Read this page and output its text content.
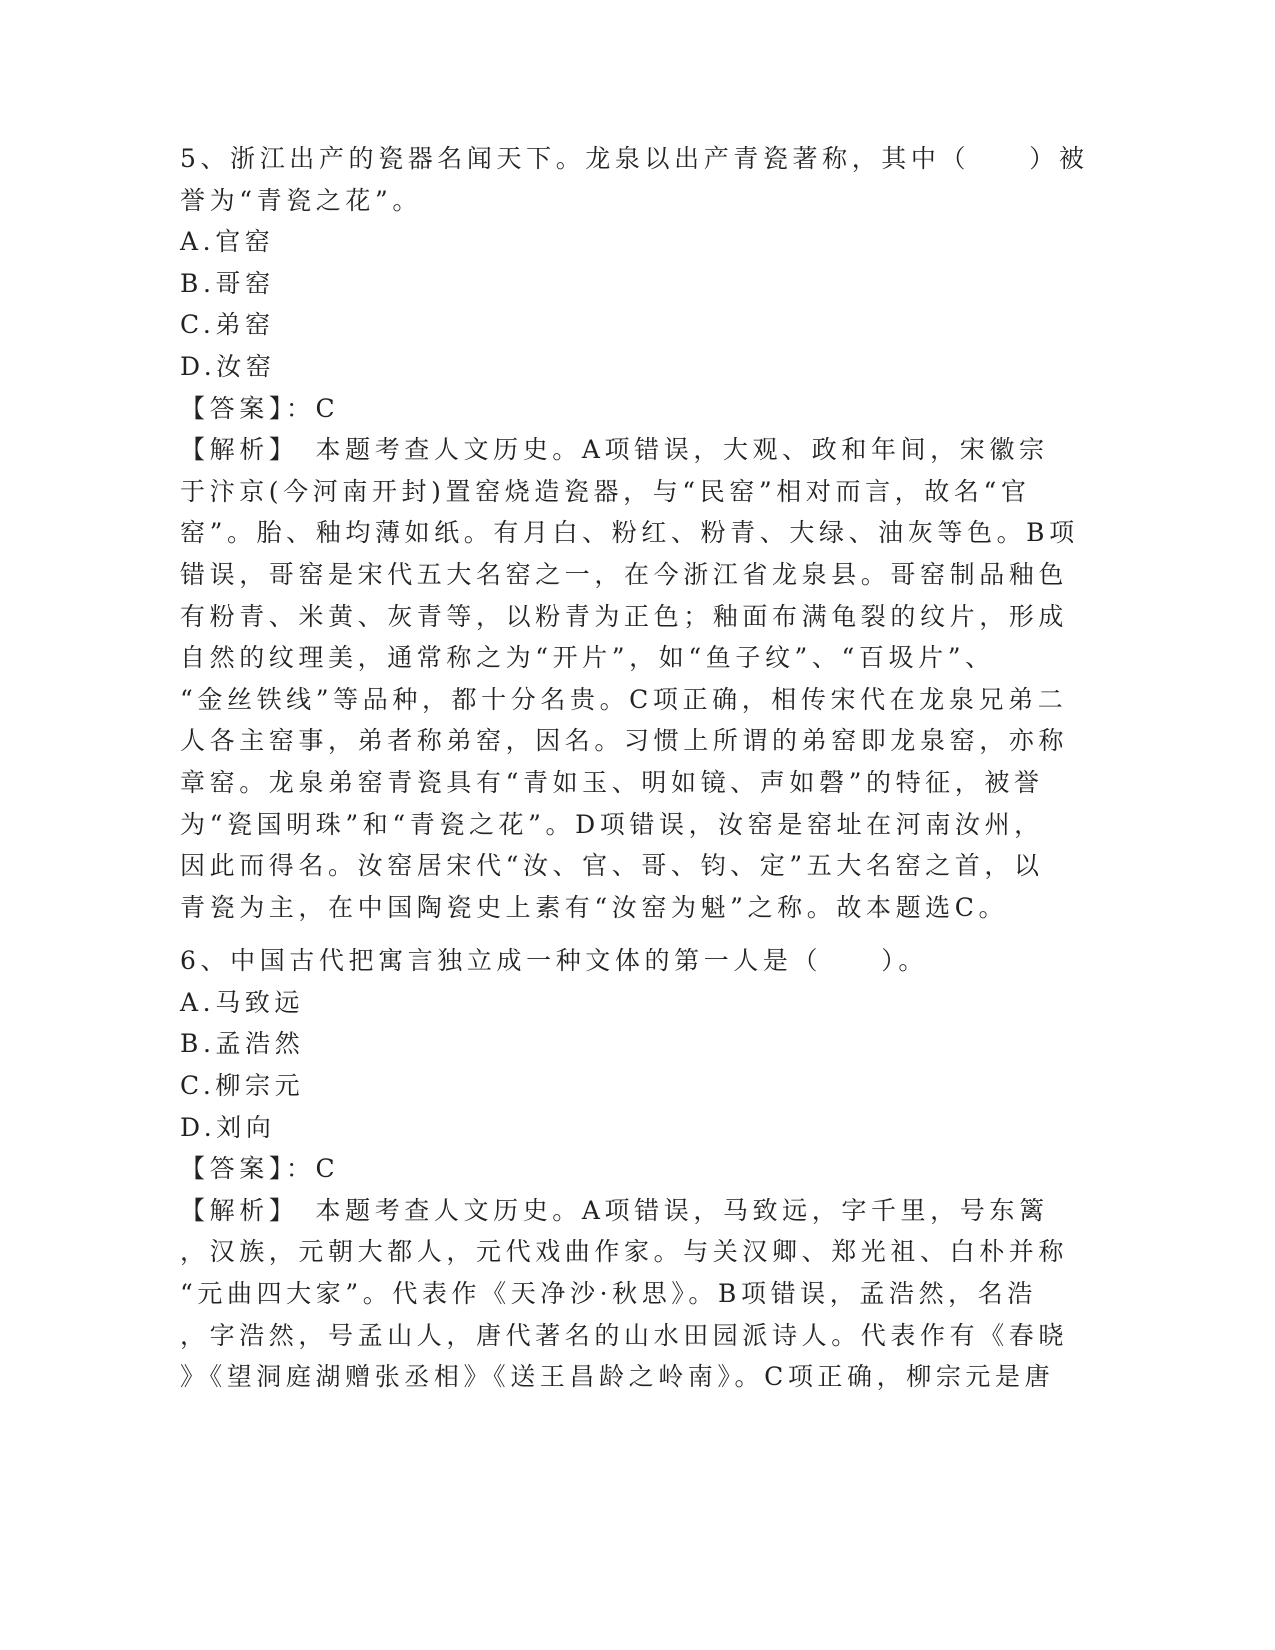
5、浙江出产的瓷器名闻天下。龙泉以出产青瓷著称，其中（　　）被
誉为“青瓷之花”。
A.官窑
B.哥窑
C.弟窑
D.汝窑
【答案】：C
【解析】　本题考查人文历史。A项错误，大观、政和年间，宋徽宗
于汴京(今河南开封)置窑烧造瓷器，与“民窑”相对而言，故名“官
窑”。胎、釉均薄如纸。有月白、粉红、粉青、大绿、油灰等色。B项
错误，哥窑是宋代五大名窑之一，在今浙江省龙泉县。哥窑制品釉色
有粉青、米黄、灰青等，以粉青为正色；釉面布满龟裂的纹片，形成
自然的纹理美，通常称之为“开片”，如“鱼子纹”、“百圾片”、
“金丝铁线”等品种，都十分名贵。C项正确，相传宋代在龙泉兄弟二
人各主窑事，弟者称弟窑，因名。习惯上所谓的弟窑即龙泉窑，亦称
章窑。龙泉弟窑青瓷具有“青如玉、明如镜、声如磬”的特征，被誉
为“瓷国明珠”和“青瓷之花”。D项错误，汝窑是窑址在河南汝州，
因此而得名。汝窑居宋代“汝、官、哥、钧、定”五大名窑之首，以
青瓷为主，在中国陶瓷史上素有“汝窑为魁”之称。故本题选C。
6、中国古代把寓言独立成一种文体的第一人是（　　）。
A.马致远
B.孟浩然
C.柳宗元
D.刘向
【答案】：C
【解析】　本题考查人文历史。A项错误，马致远，字千里，号东篱
，汉族，元朝大都人，元代戏曲作家。与关汉卿、郑光祖、白朴并称
“元曲四大家”。代表作《天净沙·秋思》。B项错误，孟浩然，名浩
，字浩然，号孟山人，唐代著名的山水田园派诗人。代表作有《春晓
》《望洞庭湖赠张丞相》《送王昌龄之岭南》。C项正确，柳宗元是唐
